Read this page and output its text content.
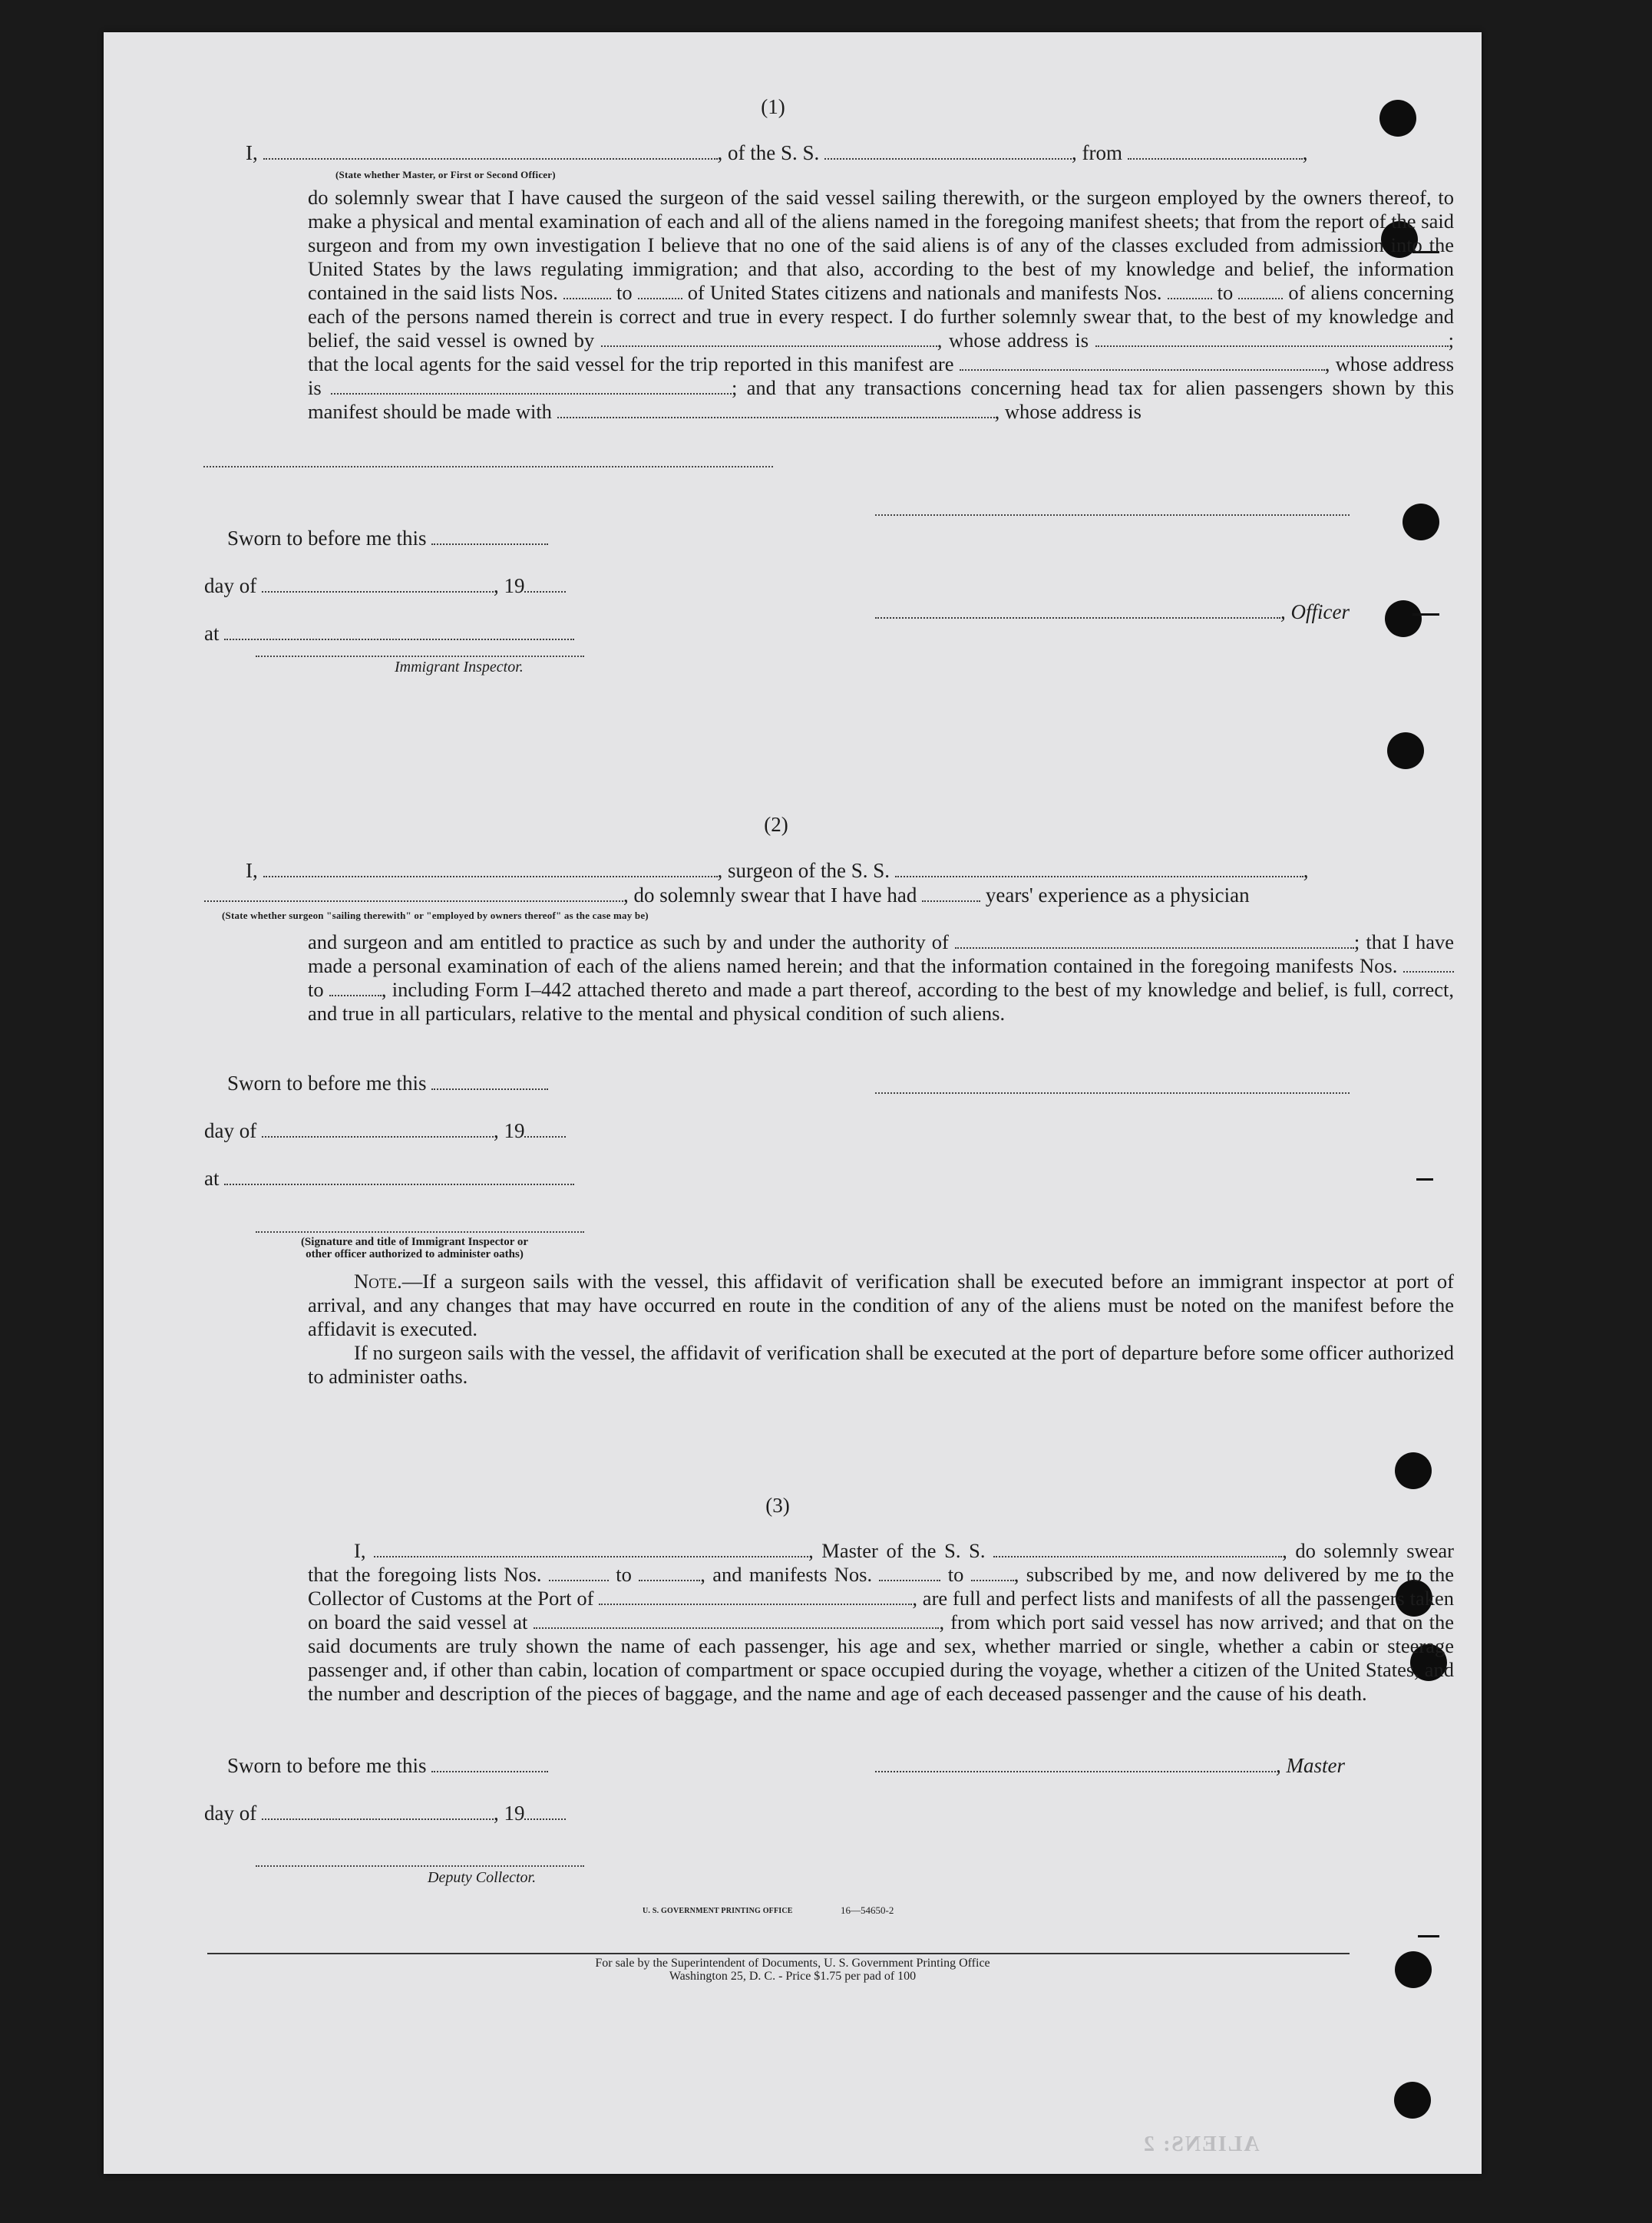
(1)
I,	, of the S. S.	, from	,
(State whether Master, or First or Second Officer)

do solemnly swear that I have caused the surgeon of the said vessel sailing therewith, or the surgeon employed by the owners thereof, to make a physical and mental examination of each and all of the aliens named in the foregoing manifest sheets; that from the report of the said surgeon and from my own investigation I believe that no one of the said aliens is of any of the classes excluded from admission into the United States by the laws regulating immigration; and that also, according to the best of my knowledge and belief, the information contained in the said lists Nos.	to	of United States citizens and nationals and manifests Nos.	to	of aliens concerning each of the persons named therein is correct and true in every respect. I do further solemnly swear that, to the best of my knowledge and belief, the said vessel is owned by	, whose address is	; that the local agents for the said vessel for the trip reported in this manifest are	, whose address is	; and that any transactions concerning head tax for alien passengers shown by this manifest should be made with	, whose address is

Sworn to before me this
day of	, 19
at
, Officer
Immigrant Inspector.
(2)
I,	, surgeon of the S. S.	,
, do solemnly swear that I have had	years' experience as a physician
(State whether surgeon "sailing therewith" or "employed by owners thereof" as the case may be)

and surgeon and am entitled to practice as such by and under the authority of	; that I have made a personal examination of each of the aliens named herein; and that the information contained in the foregoing manifests Nos.  to	, including Form I–442 attached thereto and made a part thereof, according to the best of my knowledge and belief, is full, correct, and true in all particulars, relative to the mental and physical condition of such aliens.

Sworn to before me this
day of	, 19
at
(Signature and title of Immigrant Inspector or
other officer authorized to administer oaths)

Note.—If a surgeon sails with the vessel, this affidavit of verification shall be executed before an immigrant inspector at port of arrival, and any changes that may have occurred en route in the condition of any of the aliens must be noted on the manifest before the affidavit is executed.

If no surgeon sails with the vessel, the affidavit of verification shall be executed at the port of departure before some officer authorized to administer oaths.

(3)

I,	, Master of the S. S.	, do solemnly swear that the foregoing lists Nos.	to	, and manifests Nos.	to , subscribed by me, and now delivered by me to the Collector of Customs at the Port of	, are full and perfect lists and manifests of all the passengers taken on board the said vessel at	, from which port said vessel has now arrived; and that on the said documents are truly shown the name of each passenger, his age and sex, whether married or single, whether a cabin or steerage passenger and, if other than cabin, location of compartment or space occupied during the voyage, whether a citizen of the United States, and the number and description of the pieces of baggage, and the name and age of each deceased passenger and the cause of his death.

Sworn to before me this	, Master
day of	, 19
Deputy Collector.
U. S. GOVERNMENT PRINTING OFFICE	16—54650-2
For sale by the Superintendent of Documents, U. S. Government Printing Office
Washington 25, D. C. - Price $1.75 per pad of 100
ALIENS: 2
